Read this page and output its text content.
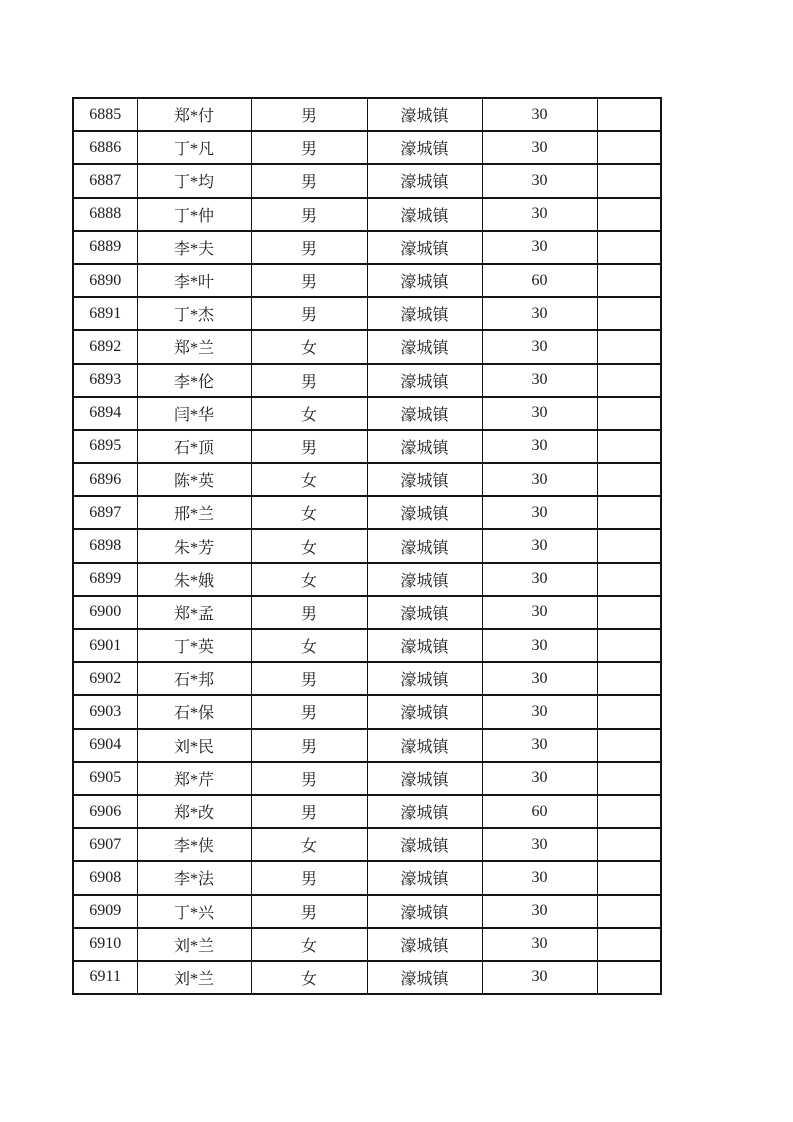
6885	郑*付	男	濠城镇	30	
6886	丁*凡	男	濠城镇	30	
6887	丁*均	男	濠城镇	30	
6888	丁*仲	男	濠城镇	30	
6889	李*夫	男	濠城镇	30	
6890	李*叶	男	濠城镇	60	
6891	丁*杰	男	濠城镇	30	
6892	郑*兰	女	濠城镇	30	
6893	李*伦	男	濠城镇	30	
6894	闫*华	女	濠城镇	30	
6895	石*顶	男	濠城镇	30	
6896	陈*英	女	濠城镇	30	
6897	邢*兰	女	濠城镇	30	
6898	朱*芳	女	濠城镇	30	
6899	朱*娥	女	濠城镇	30	
6900	郑*孟	男	濠城镇	30	
6901	丁*英	女	濠城镇	30	
6902	石*邦	男	濠城镇	30	
6903	石*保	男	濠城镇	30	
6904	刘*民	男	濠城镇	30	
6905	郑*芹	男	濠城镇	30	
6906	郑*改	男	濠城镇	60	
6907	李*侠	女	濠城镇	30	
6908	李*法	男	濠城镇	30	
6909	丁*兴	男	濠城镇	30	
6910	刘*兰	女	濠城镇	30	
6911	刘*兰	女	濠城镇	30	
